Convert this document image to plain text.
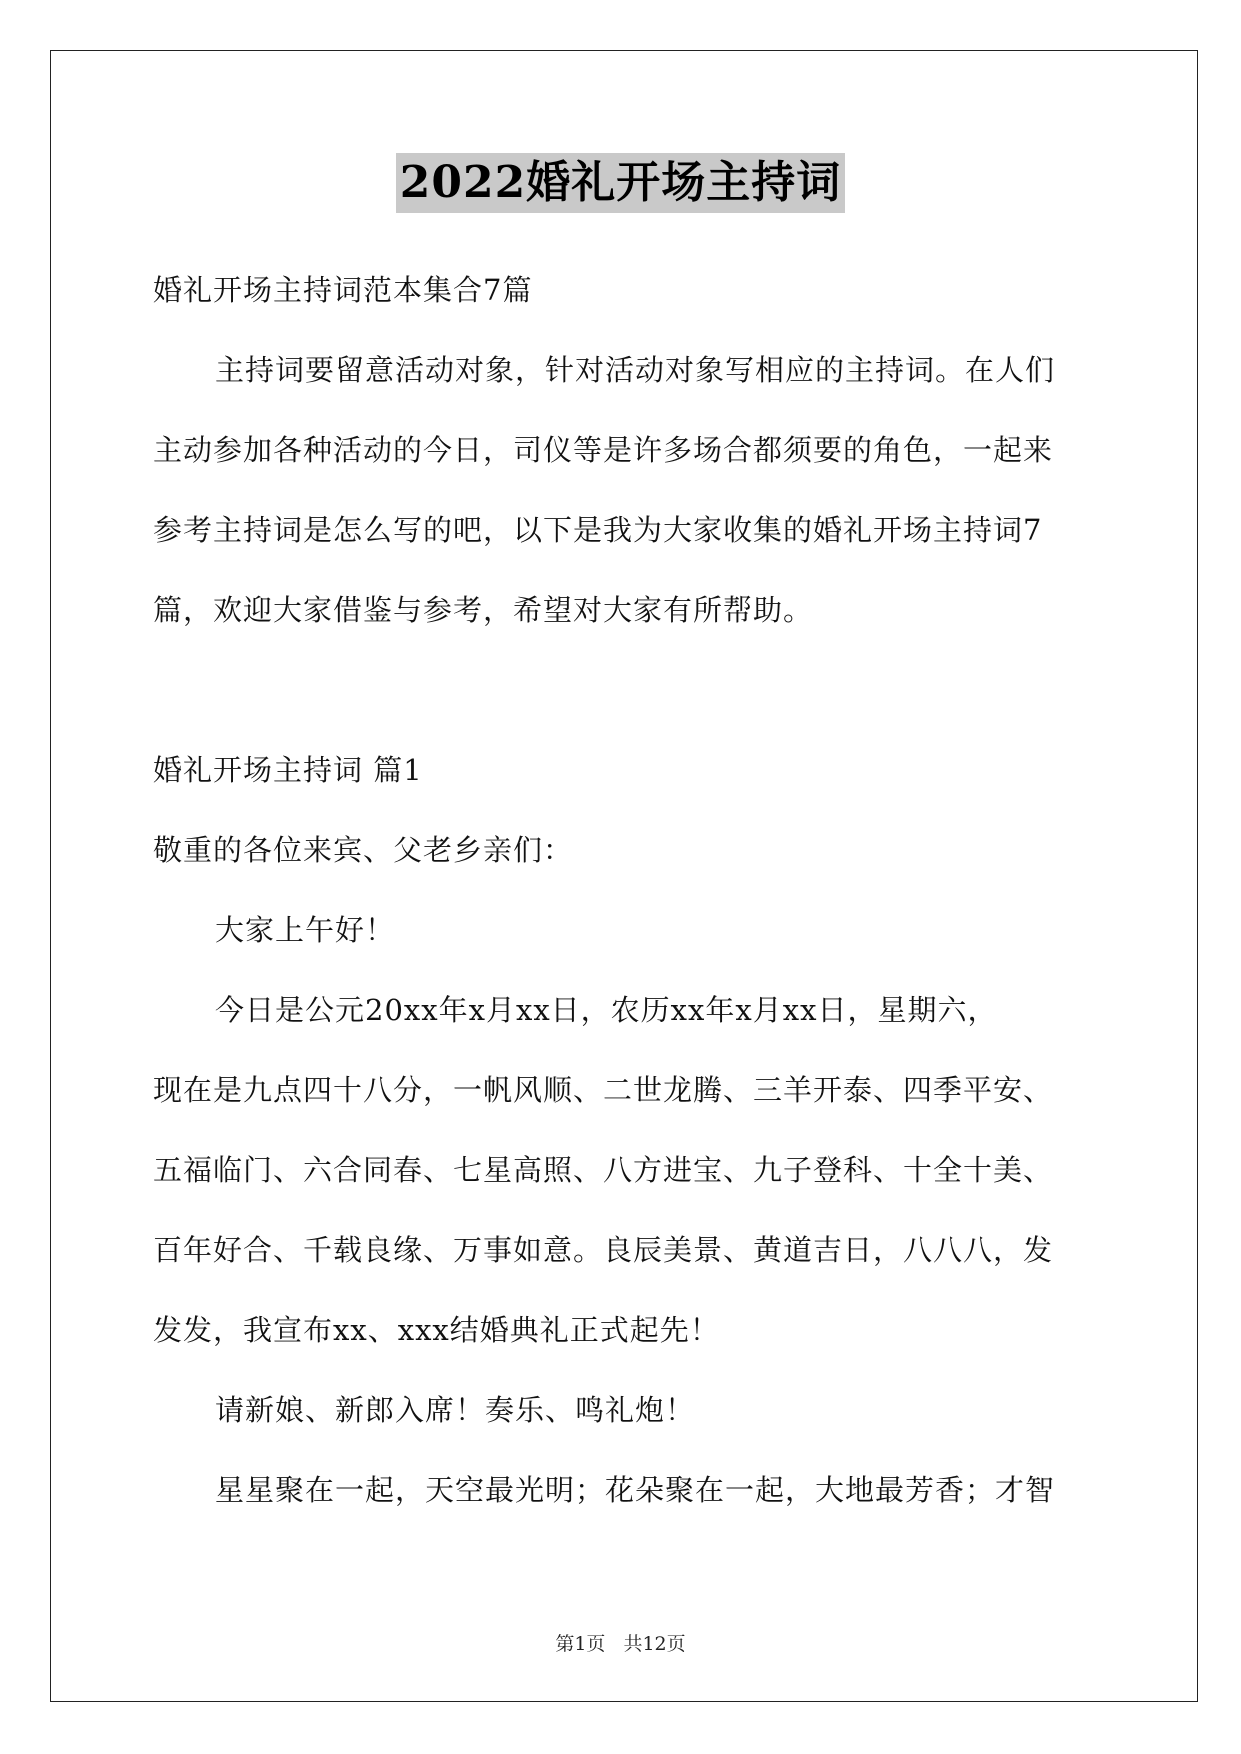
2022婚礼开场主持词
婚礼开场主持词范本集合7篇
主持词要留意活动对象，针对活动对象写相应的主持词。在人们
主动参加各种活动的今日，司仪等是许多场合都须要的角色，一起来
参考主持词是怎么写的吧，以下是我为大家收集的婚礼开场主持词7
篇，欢迎大家借鉴与参考，希望对大家有所帮助。
婚礼开场主持词 篇1
敬重的各位来宾、父老乡亲们：
大家上午好！
今日是公元20xx年x月xx日，农历xx年x月xx日，星期六，
现在是九点四十八分，一帆风顺、二世龙腾、三羊开泰、四季平安、
五福临门、六合同春、七星高照、八方进宝、九子登科、十全十美、
百年好合、千载良缘、万事如意。良辰美景、黄道吉日，八八八，发
发发，我宣布xx、xxx结婚典礼正式起先！
请新娘、新郎入席！奏乐、鸣礼炮！
星星聚在一起，天空最光明；花朵聚在一起，大地最芳香；才智
第1页 共12页
